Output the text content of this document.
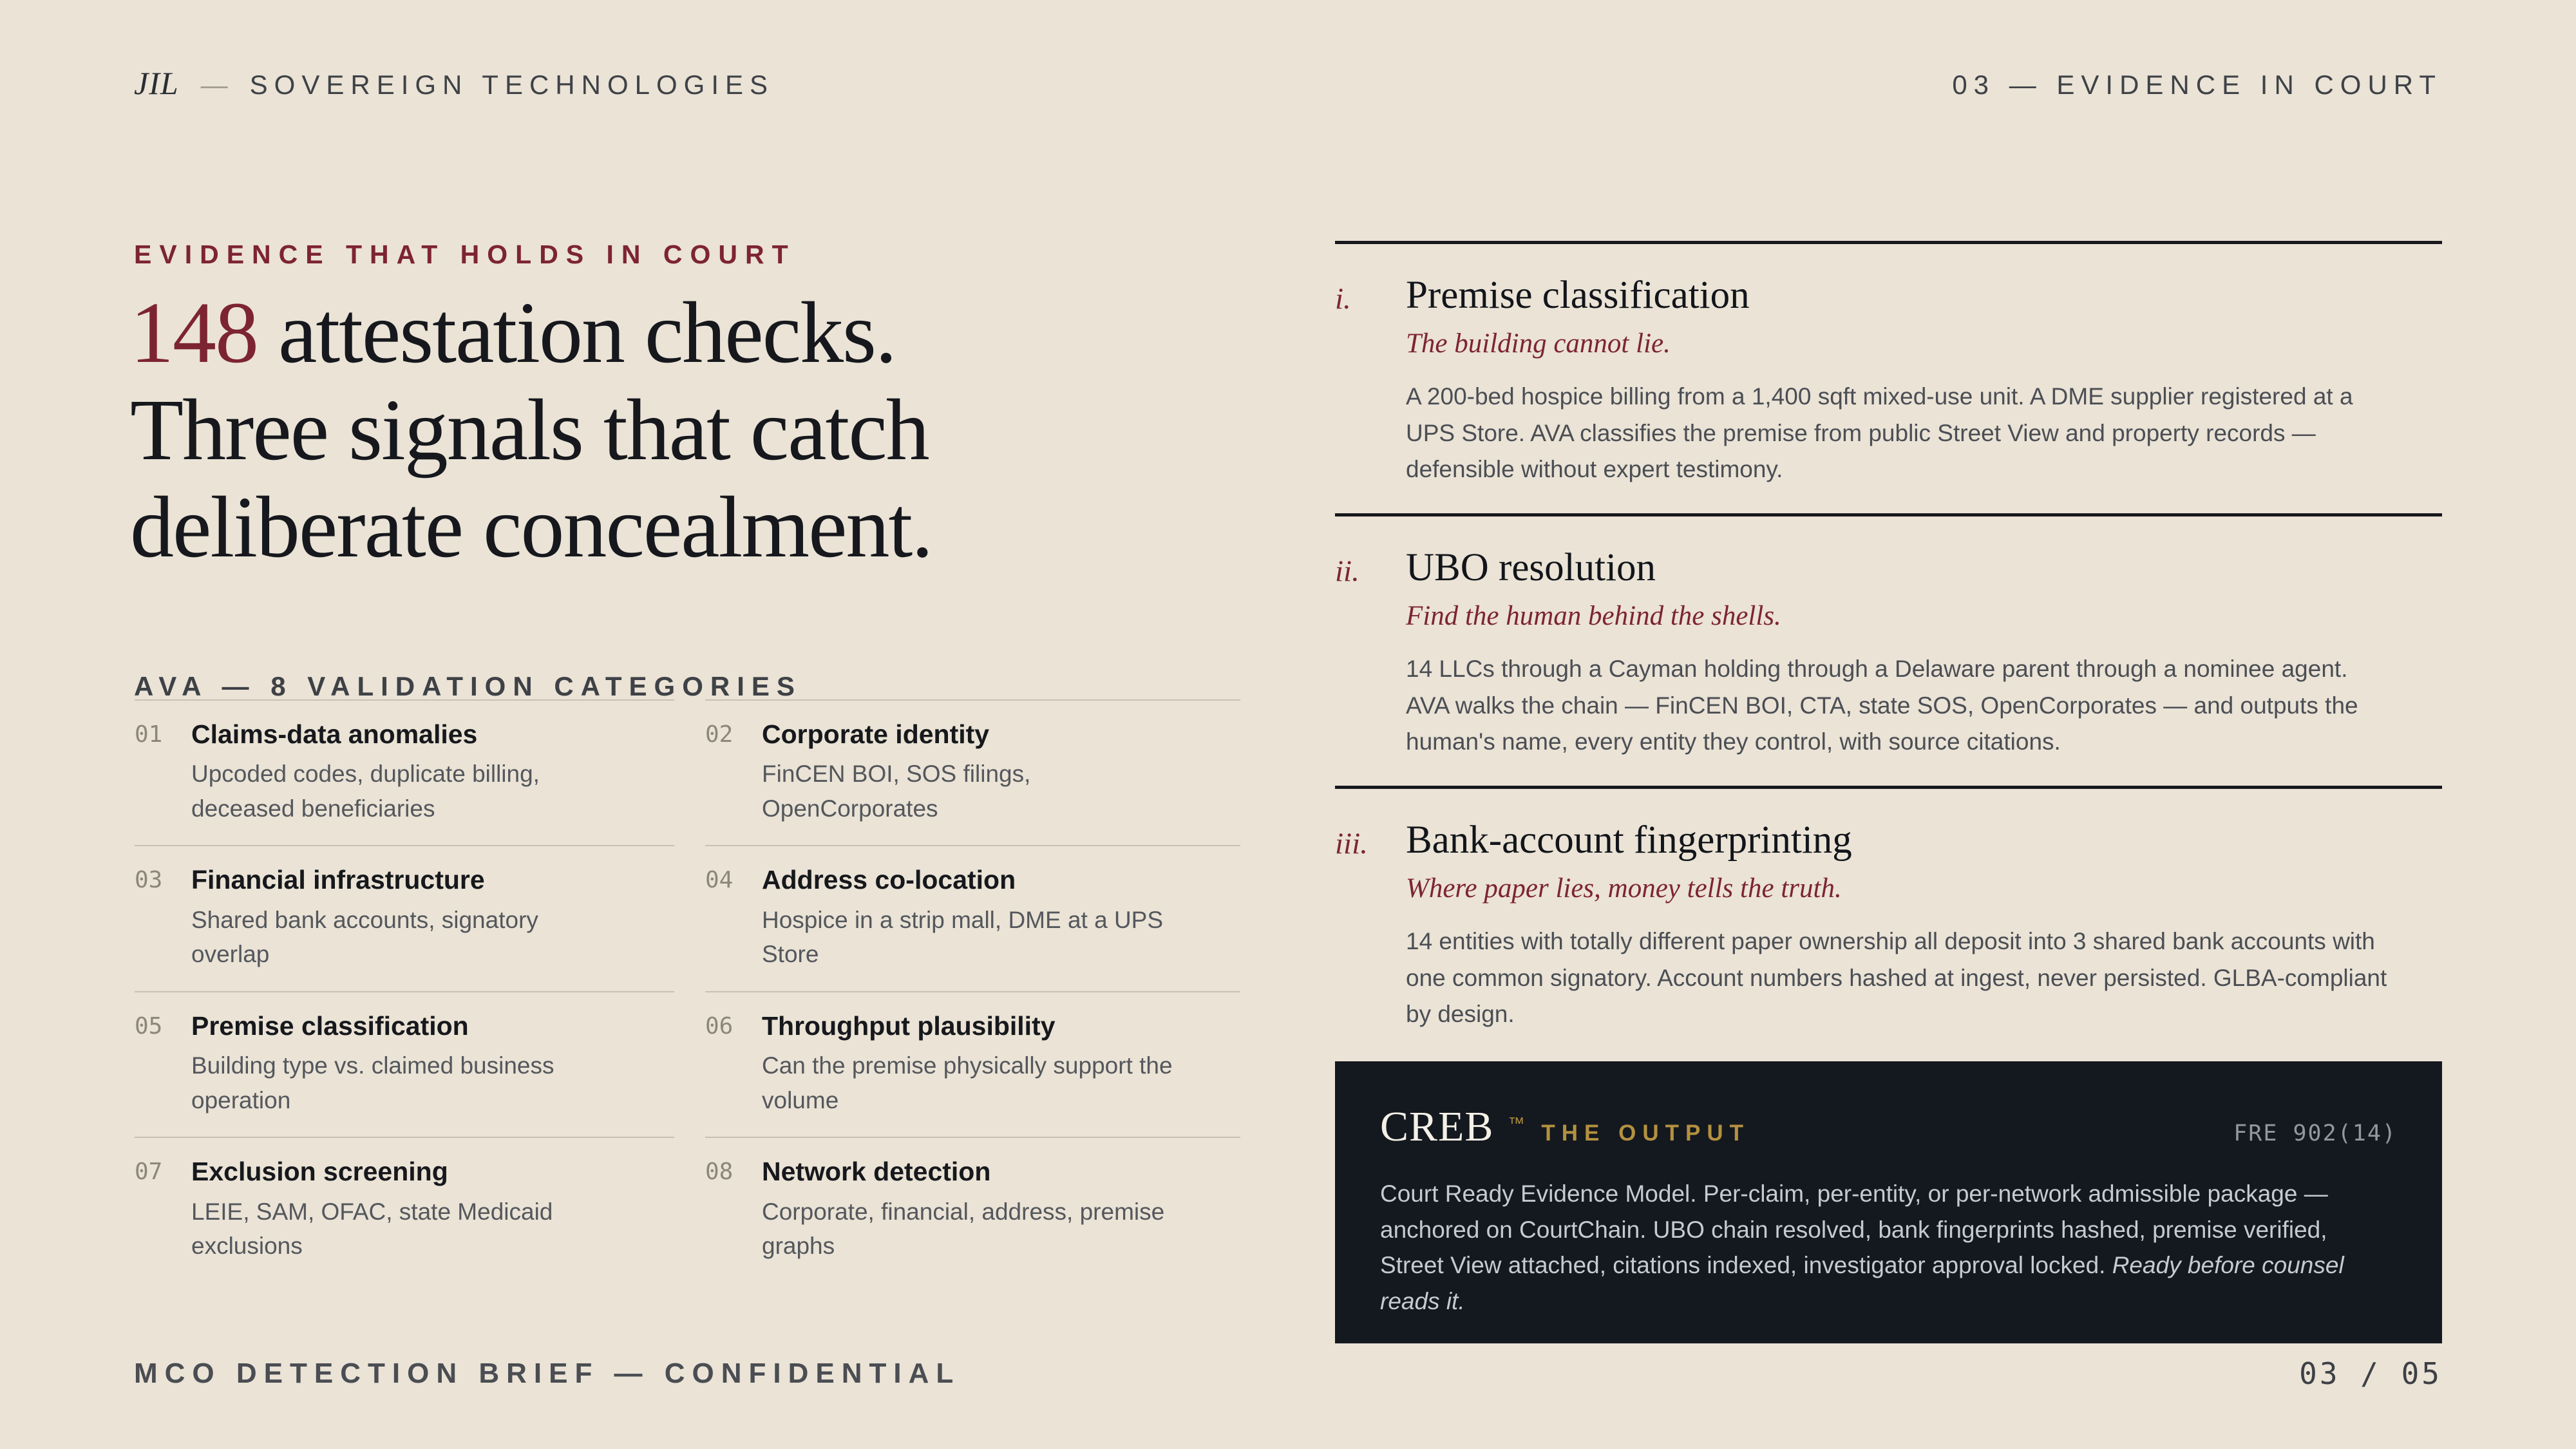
JIL — SOVEREIGN TECHNOLOGIES	03 — EVIDENCE IN COURT
EVIDENCE THAT HOLDS IN COURT
148 attestation checks.
Three signals that catch
deliberate concealment.
AVA — 8 VALIDATION CATEGORIES
01	Claims-data anomalies
Upcoded codes, duplicate billing, deceased beneficiaries
02	Corporate identity
FinCEN BOI, SOS filings, OpenCorporates
03	Financial infrastructure
Shared bank accounts, signatory overlap
04	Address co-location
Hospice in a strip mall, DME at a UPS Store
05	Premise classification
Building type vs. claimed business operation
06	Throughput plausibility
Can the premise physically support the volume
07	Exclusion screening
LEIE, SAM, OFAC, state Medicaid exclusions
08	Network detection
Corporate, financial, address, premise graphs
i.	Premise classification
The building cannot lie.
A 200-bed hospice billing from a 1,400 sqft mixed-use unit. A DME supplier registered at a UPS Store. AVA classifies the premise from public Street View and property records — defensible without expert testimony.
ii.	UBO resolution
Find the human behind the shells.
14 LLCs through a Cayman holding through a Delaware parent through a nominee agent. AVA walks the chain — FinCEN BOI, CTA, state SOS, OpenCorporates — and outputs the human's name, every entity they control, with source citations.
iii. Bank-account fingerprinting
Where paper lies, money tells the truth.
14 entities with totally different paper ownership all deposit into 3 shared bank accounts with one common signatory. Account numbers hashed at ingest, never persisted. GLBA-compliant by design.
CREB ™ THE OUTPUT	FRE 902(14)
Court Ready Evidence Model. Per-claim, per-entity, or per-network admissible package — anchored on CourtChain. UBO chain resolved, bank fingerprints hashed, premise verified, Street View attached, citations indexed, investigator approval locked. Ready before counsel reads it.
MCO DETECTION BRIEF — CONFIDENTIAL	03 / 05
